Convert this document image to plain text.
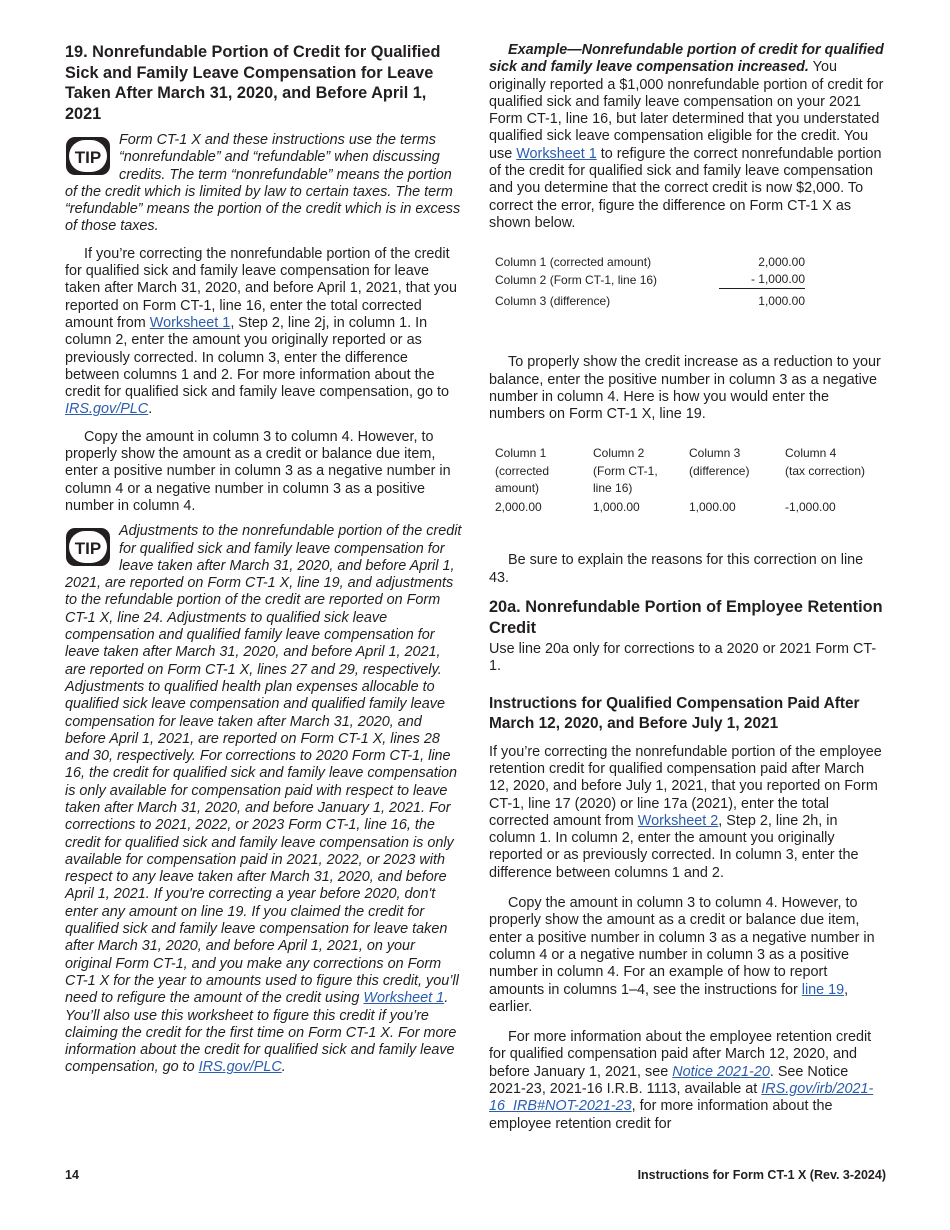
19. Nonrefundable Portion of Credit for Qualified Sick and Family Leave Compensation for Leave Taken After March 31, 2020, and Before April 1, 2021
TIP

Form CT-1 X and these instructions use the terms “nonrefundable” and “refundable” when discussing credits. The term “nonrefundable” means the portion of the credit which is limited by law to certain taxes. The term “refundable” means the portion of the credit which is in excess of those taxes.

If you’re correcting the nonrefundable portion of the credit for qualified sick and family leave compensation for leave taken after March 31, 2020, and before April 1, 2021, that you reported on Form CT-1, line 16, enter the total corrected amount from Worksheet 1, Step 2, line 2j, in column 1. In column 2, enter the amount you originally reported or as previously corrected. In column 3, enter the difference between columns 1 and 2. For more information about the credit for qualified sick and family leave compensation, go to IRS.gov/PLC.

Copy the amount in column 3 to column 4. However, to properly show the amount as a credit or balance due item, enter a positive number in column 3 as a negative number in column 4 or a negative number in column 3 as a positive number in column 4.

TIP

Adjustments to the nonrefundable portion of the credit for qualified sick and family leave compensation for leave taken after March 31, 2020, and before April 1, 2021, are reported on Form CT-1 X, line 19, and adjustments to the refundable portion of the credit are reported on Form CT-1 X, line 24. Adjustments to qualified sick leave compensation and qualified family leave compensation for leave taken after March 31, 2020, and before April 1, 2021, are reported on Form CT-1 X, lines 27 and 29, respectively. Adjustments to qualified health plan expenses allocable to qualified sick leave compensation and qualified family leave compensation for leave taken after March 31, 2020, and before April 1, 2021, are reported on Form CT-1 X, lines 28 and 30, respectively. For corrections to 2020 Form CT-1, line 16, the credit for qualified sick and family leave compensation is only available for compensation paid with respect to leave taken after March 31, 2020, and before January 1, 2021. For corrections to 2021, 2022, or 2023 Form CT-1, line 16, the credit for qualified sick and family leave compensation is only available for compensation paid in 2021, 2022, or 2023 with respect to any leave taken after March 31, 2020, and before April 1, 2021. If you're correcting a year before 2020, don't enter any amount on line 19. If you claimed the credit for qualified sick and family leave compensation for leave taken after March 31, 2020, and before April 1, 2021, on your original Form CT-1, and you make any corrections on Form CT-1 X for the year to amounts used to figure this credit, you’ll need to refigure the amount of the credit using Worksheet 1. You’ll also use this worksheet to figure this credit if you’re claiming the credit for the first time on Form CT-1 X. For more information about the credit for qualified sick and family leave compensation, go to IRS.gov/PLC.

Example—Nonrefundable portion of credit for qualified sick and family leave compensation increased. You originally reported a $1,000 nonrefundable portion of credit for qualified sick and family leave compensation on your 2021 Form CT-1, line 16, but later determined that you understated qualified sick leave compensation eligible for the credit. You use Worksheet 1 to refigure the correct nonrefundable portion of the credit for qualified sick and family leave compensation and you determine that the correct credit is now $2,000. To correct the error, figure the difference on Form CT-1 X as shown below.

Column 1 (corrected amount)	2,000.00
Column 2 (Form CT-1, line 16)	- 1,000.00
Column 3 (difference)	1,000.00

To properly show the credit increase as a reduction to your balance, enter the positive number in column 3 as a negative number in column 4. Here is how you would enter the numbers on Form CT-1 X, line 19.

Column 1	Column 2	Column 3	Column 4
(corrected amount)	(Form CT-1, line 16)	(difference)	(tax correction)
2,000.00	1,000.00	1,000.00	-1,000.00

Be sure to explain the reasons for this correction on line 43.

20a. Nonrefundable Portion of Employee Retention Credit

Use line 20a only for corrections to a 2020 or 2021 Form CT-1.

Instructions for Qualified Compensation Paid After March 12, 2020, and Before July 1, 2021

If you’re correcting the nonrefundable portion of the employee retention credit for qualified compensation paid after March 12, 2020, and before July 1, 2021, that you reported on Form CT-1, line 17 (2020) or line 17a (2021), enter the total corrected amount from Worksheet 2, Step 2, line 2h, in column 1. In column 2, enter the amount you originally reported or as previously corrected. In column 3, enter the difference between columns 1 and 2.

Copy the amount in column 3 to column 4. However, to properly show the amount as a credit or balance due item, enter a positive number in column 3 as a negative number in column 4 or a negative number in column 3 as a positive number in column 4. For an example of how to report amounts in columns 1–4, see the instructions for line 19, earlier.

For more information about the employee retention credit for qualified compensation paid after March 12, 2020, and before January 1, 2021, see Notice 2021-20. See Notice 2021-23, 2021-16 I.R.B. 1113, available at IRS.gov/irb/2021-16_IRB#NOT-2021-23, for more information about the employee retention credit for

14	Instructions for Form CT-1 X (Rev. 3-2024)
